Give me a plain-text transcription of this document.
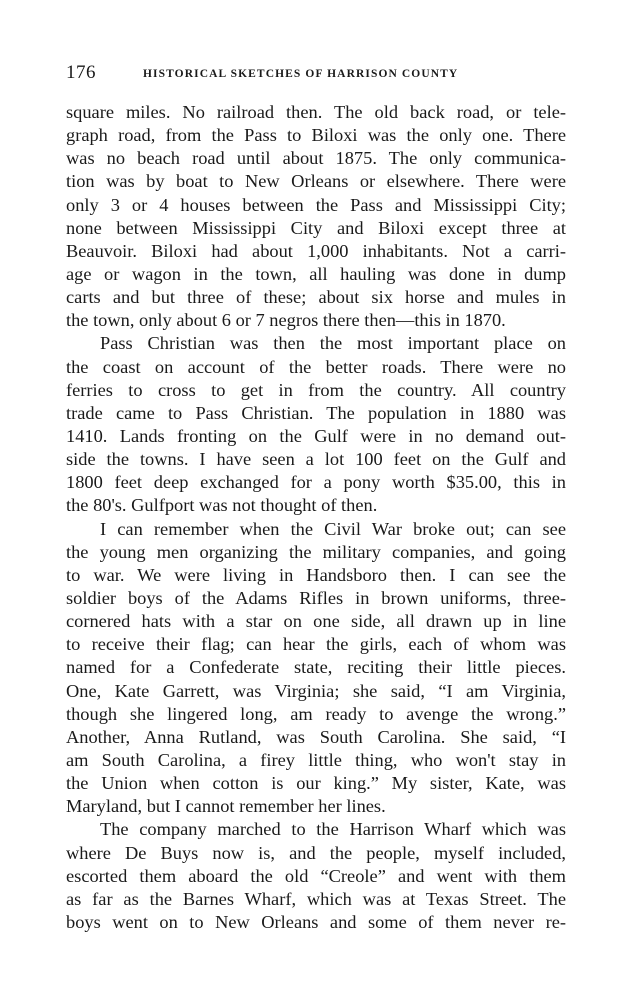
176	HISTORICAL SKETCHES OF HARRISON COUNTY
square miles. No railroad then. The old back road, or tele-
graph road, from the Pass to Biloxi was the only one. There
was no beach road until about 1875. The only communica-
tion was by boat to New Orleans or elsewhere. There were
only 3 or 4 houses between the Pass and Mississippi City;
none between Mississippi City and Biloxi except three at
Beauvoir. Biloxi had about 1,000 inhabitants. Not a carri-
age or wagon in the town, all hauling was done in dump
carts and but three of these; about six horse and mules in
the town, only about 6 or 7 negros there then—this in 1870.
Pass Christian was then the most important place on
the coast on account of the better roads. There were no
ferries to cross to get in from the country. All country
trade came to Pass Christian. The population in 1880 was
1410. Lands fronting on the Gulf were in no demand out-
side the towns. I have seen a lot 100 feet on the Gulf and
1800 feet deep exchanged for a pony worth $35.00, this in
the 80's. Gulfport was not thought of then.
I can remember when the Civil War broke out; can see
the young men organizing the military companies, and going
to war. We were living in Handsboro then. I can see the
soldier boys of the Adams Rifles in brown uniforms, three-
cornered hats with a star on one side, all drawn up in line
to receive their flag; can hear the girls, each of whom was
named for a Confederate state, reciting their little pieces.
One, Kate Garrett, was Virginia; she said, “I am Virginia,
though she lingered long, am ready to avenge the wrong.”
Another, Anna Rutland, was South Carolina. She said, “I
am South Carolina, a firey little thing, who won't stay in
the Union when cotton is our king.” My sister, Kate, was
Maryland, but I cannot remember her lines.
The company marched to the Harrison Wharf which was
where De Buys now is, and the people, myself included,
escorted them aboard the old “Creole” and went with them
as far as the Barnes Wharf, which was at Texas Street. The
boys went on to New Orleans and some of them never re-
